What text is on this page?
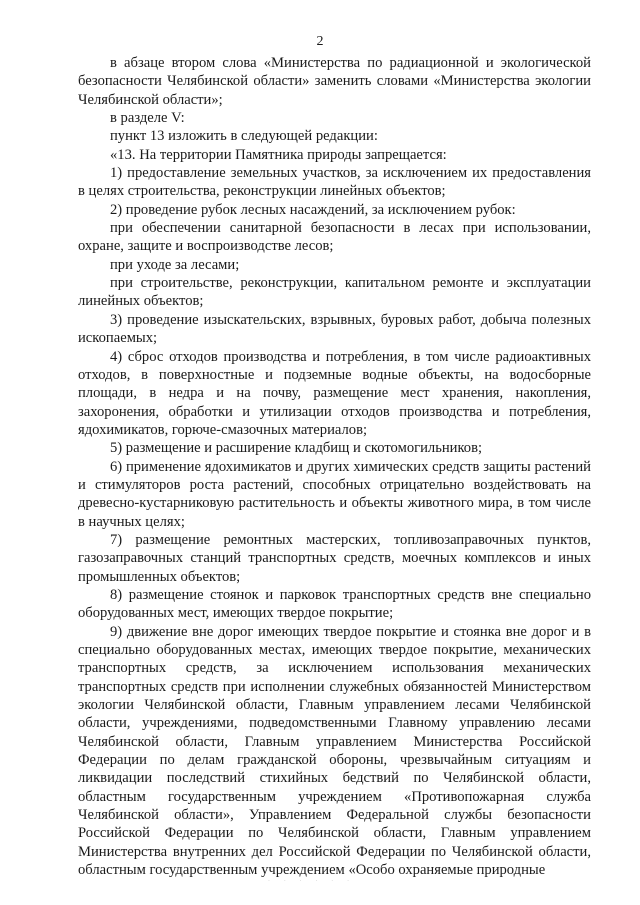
2

в абзаце втором слова «Министерства по радиационной и экологической безопасности Челябинской области» заменить словами «Министерства экологии Челябинской области»;

в разделе V:

пункт 13 изложить в следующей редакции:

«13. На территории Памятника природы запрещается:

1) предоставление земельных участков, за исключением их предоставления в целях строительства, реконструкции линейных объектов;

2) проведение рубок лесных насаждений, за исключением рубок:

при обеспечении санитарной безопасности в лесах при использовании, охране, защите и воспроизводстве лесов;

при уходе за лесами;

при строительстве, реконструкции, капитальном ремонте и эксплуатации линейных объектов;

3) проведение изыскательских, взрывных, буровых работ, добыча полезных ископаемых;

4) сброс отходов производства и потребления, в том числе радиоактивных отходов, в поверхностные и подземные водные объекты, на водосборные площади, в недра и на почву, размещение мест хранения, накопления, захоронения, обработки и утилизации отходов производства и потребления, ядохимикатов, горюче-смазочных материалов;

5) размещение и расширение кладбищ и скотомогильников;

6) применение ядохимикатов и других химических средств защиты растений и стимуляторов роста растений, способных отрицательно воздействовать на древесно-кустарниковую растительность и объекты животного мира, в том числе в научных целях;

7) размещение ремонтных мастерских, топливозаправочных пунктов, газозаправочных станций транспортных средств, моечных комплексов и иных промышленных объектов;

8) размещение стоянок и парковок транспортных средств вне специально оборудованных мест, имеющих твердое покрытие;

9) движение вне дорог имеющих твердое покрытие и стоянка вне дорог и в специально оборудованных местах, имеющих твердое покрытие, механических транспортных средств, за исключением использования механических транспортных средств при исполнении служебных обязанностей Министерством экологии Челябинской области, Главным управлением лесами Челябинской области, учреждениями, подведомственными Главному управлению лесами Челябинской области, Главным управлением Министерства Российской Федерации по делам гражданской обороны, чрезвычайным ситуациям и ликвидации последствий стихийных бедствий по Челябинской области, областным государственным учреждением «Противопожарная служба Челябинской области», Управлением Федеральной службы безопасности Российской Федерации по Челябинской области, Главным управлением Министерства внутренних дел Российской Федерации по Челябинской области, областным государственным учреждением «Особо охраняемые природные

· · · · · ·
